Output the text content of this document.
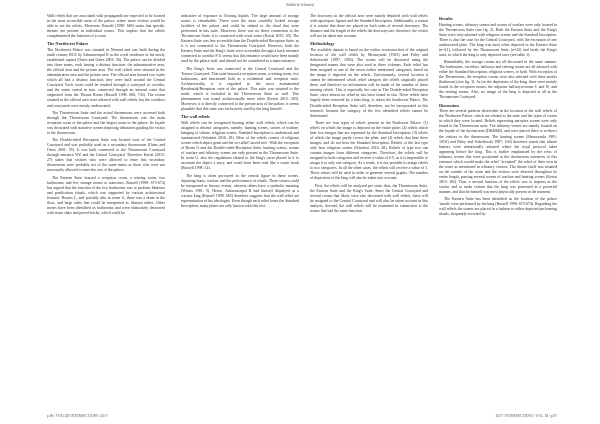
[Shëkh & Schaefer]

Wall reliefs that are associated with propaganda are expected to be located in the most accessible areas of the palace, where more visitors would be able to see the reliefs. Moreover, Russell (1998: 669) states that specific themes are present in individual rooms. This implies that the reliefs complemented the function of a room.

The Northwest Palace

The Northwest Palace was situated in Nimrud and was built during the ninth century BCE by Ashurnasirpal II as the royal residence in his newly established capital (Oates and Oates 2001: 36). The palace can be divided into three zones, each having a distinct function: the administrative area, the official area and the private area. The wall reliefs were situated in the administrative area and the private area. The official area housed two suites which all had a distinct function; they were built around the Central Courtyard. Each room could be reached through a courtyard or corridor, and the suites varied in size, connected through an internal route that originated from the Throne Room (Russell 1998: 660, 743). The rooms situated in the official area were adorned with wall reliefs, but the corridors and courtyards were mostly undecorated.

The Throneroom Suite and the actual throneroom were accessed both through the Throneroom Courtyard. The throneroom was the main reception room of the palace and the largest room in the palace. Its façade was decorated with narrative scenes depicting tributaries guiding the visitor to the throneroom.

The Double-sided Reception Suite was located west of the Central Courtyard and was probably used as a secondary throneroom (Oates and Oates 2001: 55). It was both connected to the Throneroom Courtyard through entrance WZ and the Central Courtyard. Therefore Kertai (2015: 27) states that visitors who were allowed to enter this secondary throneroom were probably not of the same status as those who were not necessarily allowed to enter the rest of the palace.

The Eastern Suite housed a reception room, a retiring room, two bathrooms, and few storage rooms or staircases. Russell (1998: 673-674) has argued that the function of the two bathrooms was to perform libations and purification rituals, which was supported by various architectural features. Rooms L, and possibly also in room G, there was a drain in the floor, and large slabs that could be interpreted as libation tables. Other rooms have been identified as bathrooms and were elaborately decorated with stone slabs and paved bricks, which could be

indicative of exposure to flowing liquids. The large amount of storage rooms is remarkable. These were the most carefully locked storage facilities of the palace, and could be related to the ritual that were performed in this suite. Moreover, there was no direct connection to the Throneroom Suite, it is connected with royal suites (Kertai 2015: 30). The Eastern Suite was less accessible than the Double-sided Reception Suite, as it is not connected to the Throneroom Courtyard. However, both the Eastern Suite and the King's Suite were accessible through a back entrance connected to corridor P. It seems that this entrance would have been mainly used by the palace staff, and should not be considered as a main entrance.

The King's Suite was connected to the Central Courtyard and the Terrace Courtyard. This suite housed a reception room, a retiring room, two bathrooms, and functioned both as a residential and reception suite. Architecturally, it is regarded as the most monumental Residential/Reception suite of the palace. This suite was situated to the north, which is included in the Throneroom Suite as well. This phenomenon was found architecturally more often (Kertai 2015: 203). Moreover, it is directly connected to the private area of the palace, it seems plausible that this suite was exclusively used by the king himself.

The wall reliefs

Wall reliefs can be recognised bearing either wall reliefs, which can be assigned to distinct categories, namely: hunting scenes, scenes of warfare, bringing of tribute, religious scenes. Standard Inscription is understood and summarised (Schubert 2016: 28). Most of the reliefs consist of religious scenes which depict genii and the so-called 'sacred tree'. With the exception of Room G and the Double-sided Reception Suite, hunting scenes, scenes of warfare and tributary scenes are only present in the Throneroom Suite. In room G, also the regulations related to the king's curse placed in it to ascertain the depict a story, and could have been read like a comic book (Russell 1998: 14).

The king is often portrayed as the central figure in these scenes, depicting hunts, warfare and the performance of rituals. These scenes could be interpreted as literary events, whereas others have a symbolic meaning (Winter 1981: 5). Hence, Ashurnasirpal II had himself displayed as a warrior king (Russell 1998: 665) therefore suggests that the wall relief are representation of his ideologies. Even though each relief bears the Standard Inscription, many plates are only known with this text.

The doorways in the official area were mainly depicted with wall reliefs with apotropaic figures and the Standard Inscription. Additionally, a reason it is certain that these are placed on both sides of several doorways. The distance and the length of the reliefs the doorways are, therefore, the visitor will not be taken into account.

Methodology

The available dataset is based on the earlier reconstruction of the original location of the wall reliefs by Meuszynski (1981) and Paley and Sobolewski (1987, 1992). The rooms will be discussed using the designated names that were also used in these volumes. Each relief has been assigned to one of the seven earlier mentioned categories, based on the image it depicted on the reliefs. Unfortunately, several location it cannot be determined which relief category the reliefs originally placed there, and therefore no information will be made of the number of these missing reliefs. This is especially the case in The Double-sided Reception Suite, since almost no relief in situ have found in situ. These reliefs have largely been removed by a later king, to adorn his Southwest Palace. The Double-sided Reception Suite will, therefore, not be incorporated in this research, because the category of the few identified reliefs cannot be determined.

There are four types of reliefs present in the Northwest Palace: (1) reliefs on which the image is depicted on the entire plate; (2) reliefs which bear two images that are separated by the Standard Inscription; (3) reliefs of which the image partly covers the plate, and (4) reliefs that bear three images; and do not bear the Standard Inscription. Reliefs of the last type only bear religious scenes (Schubert 2016: 28). Reliefs of type two can contain images from different categories. Therefore, the reliefs will be assigned to both categories and receive a value of 0.5, as it is impossible to assign it to only one category. As a result, it is not possible to assign reliefs to two categories. In all the other cases, the reliefs will receive a value of 1. These values will be used in order to generate several graphs. The number of depictions of the king will also be taken into account.

First, the reliefs will be analysed per suite; thus, the Throneroom Suite, the Eastern Suite and the King's Suite. Since the Central Courtyard and several rooms that likely were also decorated with wall reliefs, these will be assigned to the Central Courtyard and will also be taken account in this analysis. Second, the wall reliefs will be examined in connection to the rooms that had the same function.

Results

Hunting scenes, tributary scenes and scenes of warfare were only located in the Throneroom Suite (see fig. 2). Both the Eastern Suite and the King's Suite were only adorned with religious scenes and the Standard Inscription. There is also the case for the Central Courtyard, with the exception of one undecorated plate. The king was most often depicted in the Eastern Suite (n=21), followed by the Throneroom Suite (n=22) and lastly the King's suite, in which the king is only depicted once (see table 1).

Remarkably, the storage rooms are all decorated in the same manner. The bathrooms, corridors, hallways and retiring rooms are all adorned with either the Standard-Inscription, religious scenes, or both. With exception of the Throneroom, the reception rooms were also adorned with these motifs (bathroom) (see fig. 3). As for the depictions of the king, these were mainly found in the reception rooms, the adjacent hallways/rooms C and W, and the retiring rooms. Also, no image of the king is depicted at all in the Throneroom Courtyard.

Discussion

There are several patterns observable in the location of the wall reliefs of the Northwest Palace, which are related to the suite and the types of rooms in which they were located. Reliefs expressing narrative scenes were only found in the Throneroom suite. The tributary scenes are mainly located on the façade of the throneroom (D&E&B), and were placed there to re-direct the visitors to the throneroom. The hunting scenes (Meuszynski 1981: 101ff) and Paley and Sobolewski 1987: 104) therefore stated that tribute bearers were intentionally adorned where the royal protocol takes appearing before the king. This is further emphasised by the rows of tributary scenes that were positioned at the throneroom entrances of this entrance which would make the relief "accepted" the relief of their own in the route as mentioned in tributary visitors. The throne itself was situated on the outside of the room and the visitors were directed throughout its entire length, passing several scenes of warfare and hunting scenes (Kertai 2015: 28f). Thus, a second function of the reliefs was to impress as the visitor, and to make certain that the king was presented in a powerful manner, and that he himself was most physically present at the moment.

The Eastern Suite has been identified as the location of the palace 'rituals' were performed by the king (Russell 1998: 673-674). Regarding the wall reliefs the scenes are placed in a fashion to either depicted performing rituals, frequently escorted by

p.96 | VOLGDI INTERSECTIONS | 2017	2017 | INTERSECTIONS | VOL. III | p.97
